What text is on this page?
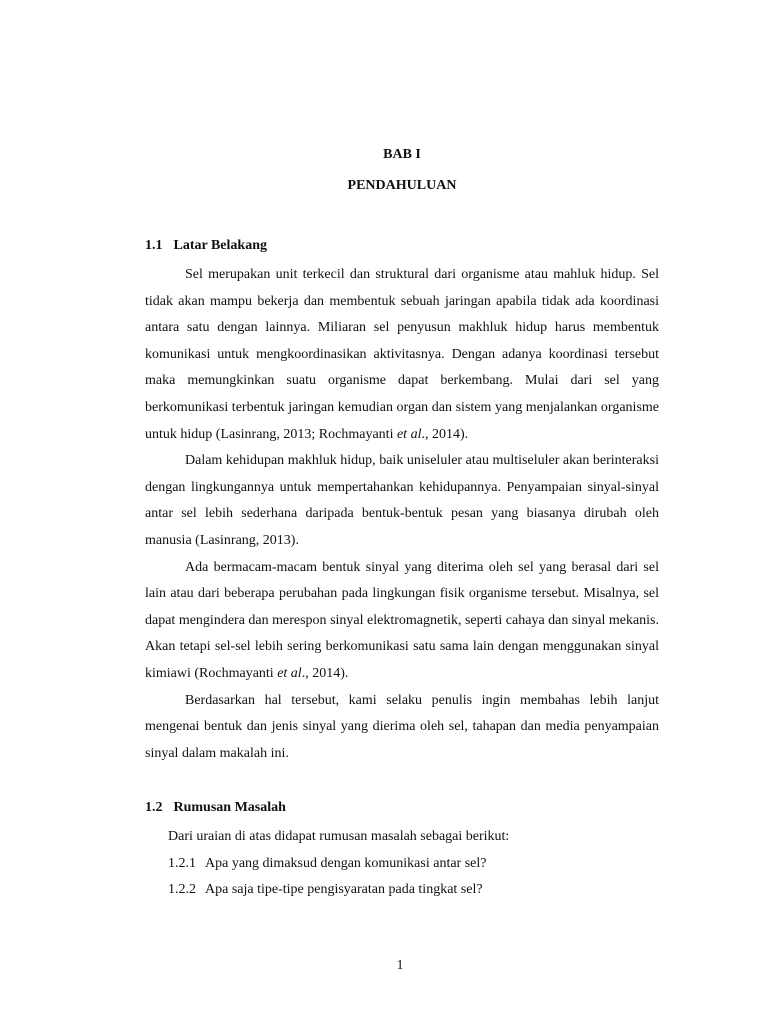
BAB I
PENDAHULUAN
1.1 Latar Belakang

Sel merupakan unit terkecil dan struktural dari organisme atau mahluk hidup. Sel tidak akan mampu bekerja dan membentuk sebuah jaringan apabila tidak ada koordinasi antara satu dengan lainnya. Miliaran sel penyusun makhluk hidup harus membentuk komunikasi untuk mengkoordinasikan aktivitasnya. Dengan adanya koordinasi tersebut maka memungkinkan suatu organisme dapat berkembang. Mulai dari sel yang berkomunikasi terbentuk jaringan kemudian organ dan sistem yang menjalankan organisme untuk hidup (Lasinrang, 2013; Rochmayanti et al., 2014).

Dalam kehidupan makhluk hidup, baik uniseluler atau multiseluler akan berinteraksi dengan lingkungannya untuk mempertahankan kehidupannya. Penyampaian sinyal-sinyal antar sel lebih sederhana daripada bentuk-bentuk pesan yang biasanya dirubah oleh manusia (Lasinrang, 2013).

Ada bermacam-macam bentuk sinyal yang diterima oleh sel yang berasal dari sel lain atau dari beberapa perubahan pada lingkungan fisik organisme tersebut. Misalnya, sel dapat mengindera dan merespon sinyal elektromagnetik, seperti cahaya dan sinyal mekanis. Akan tetapi sel-sel lebih sering berkomunikasi satu sama lain dengan menggunakan sinyal kimiawi (Rochmayanti et al., 2014).

Berdasarkan hal tersebut, kami selaku penulis ingin membahas lebih lanjut mengenai bentuk dan jenis sinyal yang dierima oleh sel, tahapan dan media penyampaian sinyal dalam makalah ini.

1.2 Rumusan Masalah
Dari uraian di atas didapat rumusan masalah sebagai berikut:
1.2.1 Apa yang dimaksud dengan komunikasi antar sel?
1.2.2 Apa saja tipe-tipe pengisyaratan pada tingkat sel?
1
